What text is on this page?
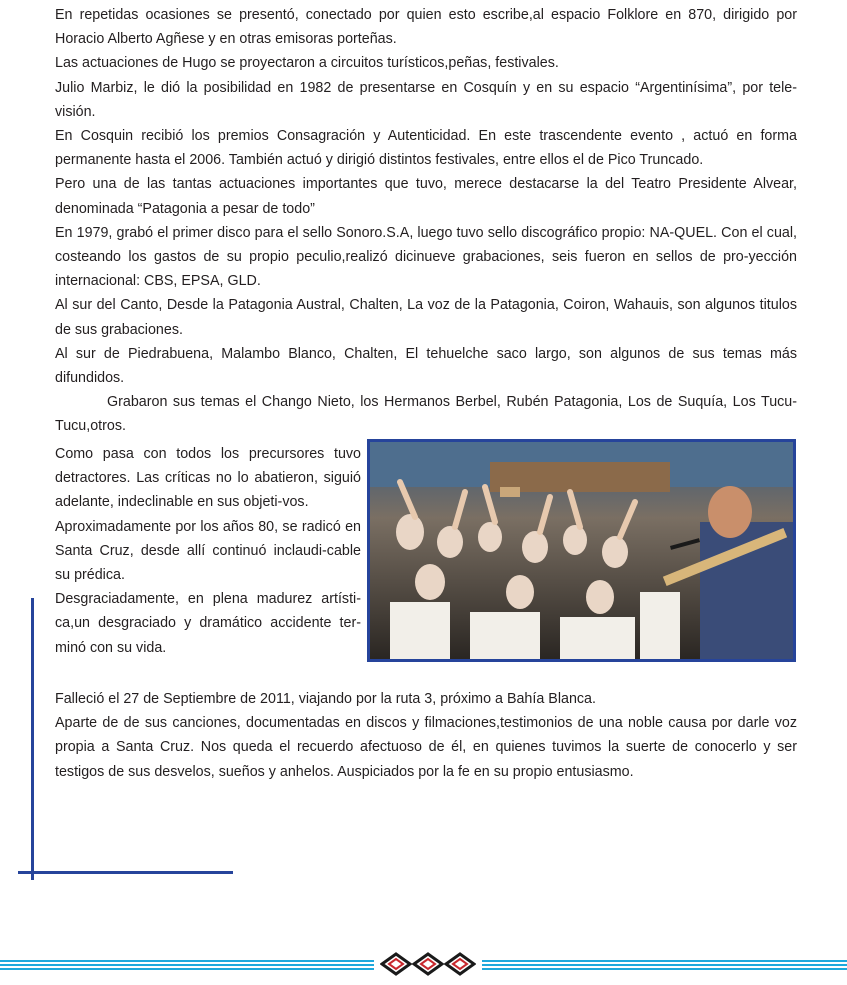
En repetidas ocasiones se presentó, conectado por quien esto escribe,al espacio Folklore en 870, dirigido por Horacio Alberto Agñese y en otras emisoras porteñas.

Las actuaciones de Hugo se proyectaron a circuitos turísticos,peñas, festivales.

Julio Marbiz, le dió la posibilidad en 1982 de presentarse en Cosquín y en su espacio “Argentinísima”, por tele-visión.

En Cosquin recibió los premios Consagración y Autenticidad. En este trascendente evento , actuó en forma permanente hasta el 2006. También actuó y dirigió distintos festivales, entre ellos el de Pico Truncado.

Pero una de las tantas actuaciones importantes que tuvo, merece destacarse la del Teatro Presidente Alvear, denominada “Patagonia a pesar de todo”

En 1979, grabó el primer disco para el sello Sonoro.S.A, luego tuvo sello discográfico propio: NA-QUEL. Con el cual, costeando los gastos de su propio peculio,realizó dicinueve grabaciones, seis fueron en sellos de pro-yección internacional: CBS, EPSA, GLD.

Al sur del Canto, Desde la Patagonia Austral, Chalten, La voz de la Patagonia, Coiron, Wahauis, son algunos titulos de sus grabaciones.

Al sur de Piedrabuena, Malambo Blanco, Chalten, El tehuelche saco largo, son algunos de sus temas más difundidos.

Grabaron sus temas el Chango Nieto, los Hermanos Berbel, Rubén Patagonia, Los de Suquía, Los Tucu-Tucu,otros.

Como pasa con todos los precursores tuvo detractores. Las críticas no lo abatieron, siguió adelante, indeclinable en sus objeti-vos.

Aproximadamente por los años 80, se radicó en Santa Cruz, desde allí continuó inclaudi-cable su prédica.

Desgraciadamente, en plena madurez artísti-ca,un desgraciado y dramático accidente ter-minó con su vida.

Falleció el 27 de Septiembre de 2011, viajando por la ruta 3, próximo a Bahía Blanca.

Aparte de de sus canciones, documentadas en discos y filmaciones,testimonios de una noble causa por darle voz propia a Santa Cruz. Nos queda el recuerdo afectuoso de él, en quienes tuvimos la suerte de conocerlo y ser testigos de sus desvelos, sueños y anhelos. Auspiciados por la fe en su propio entusiasmo.
